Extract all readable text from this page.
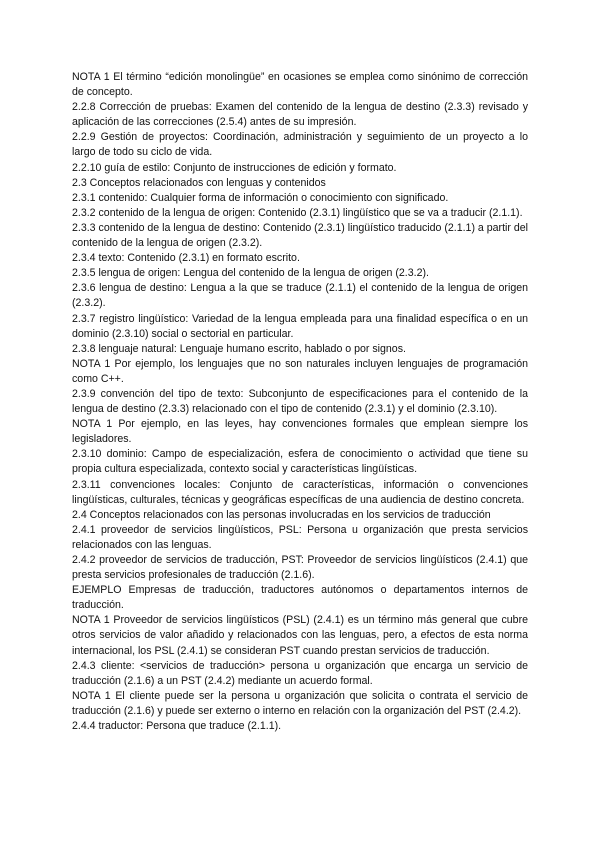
NOTA 1 El término “edición monolingüe” en ocasiones se emplea como sinónimo de corrección de concepto.

2.2.8 Corrección de pruebas: Examen del contenido de la lengua de destino (2.3.3) revisado y aplicación de las correcciones (2.5.4) antes de su impresión.

2.2.9 Gestión de proyectos: Coordinación, administración y seguimiento de un proyecto a lo largo de todo su ciclo de vida.

2.2.10 guía de estilo: Conjunto de instrucciones de edición y formato.

2.3 Conceptos relacionados con lenguas y contenidos

2.3.1 contenido: Cualquier forma de información o conocimiento con significado.

2.3.2 contenido de la lengua de origen: Contenido (2.3.1) lingüístico que se va a traducir (2.1.1).

2.3.3 contenido de la lengua de destino: Contenido (2.3.1) lingüístico traducido (2.1.1) a partir del contenido de la lengua de origen (2.3.2).

2.3.4 texto: Contenido (2.3.1) en formato escrito.

2.3.5 lengua de origen: Lengua del contenido de la lengua de origen (2.3.2).

2.3.6 lengua de destino: Lengua a la que se traduce (2.1.1) el contenido de la lengua de origen (2.3.2).

2.3.7 registro lingüístico: Variedad de la lengua empleada para una finalidad específica o en un dominio (2.3.10) social o sectorial en particular.

2.3.8 lenguaje natural: Lenguaje humano escrito, hablado o por signos.

NOTA 1 Por ejemplo, los lenguajes que no son naturales incluyen lenguajes de programación como C++.

2.3.9 convención del tipo de texto: Subconjunto de especificaciones para el contenido de la lengua de destino (2.3.3) relacionado con el tipo de contenido (2.3.1) y el dominio (2.3.10).

NOTA 1 Por ejemplo, en las leyes, hay convenciones formales que emplean siempre los legisladores.

2.3.10 dominio: Campo de especialización, esfera de conocimiento o actividad que tiene su propia cultura especializada, contexto social y características lingüísticas.

2.3.11 convenciones locales: Conjunto de características, información o convenciones lingüísticas, culturales, técnicas y geográficas específicas de una audiencia de destino concreta.

2.4 Conceptos relacionados con las personas involucradas en los servicios de traducción

2.4.1 proveedor de servicios lingüísticos, PSL: Persona u organización que presta servicios relacionados con las lenguas.

2.4.2 proveedor de servicios de traducción, PST: Proveedor de servicios lingüísticos (2.4.1) que presta servicios profesionales de traducción (2.1.6).

EJEMPLO Empresas de traducción, traductores autónomos o departamentos internos de traducción.

NOTA 1 Proveedor de servicios lingüísticos (PSL) (2.4.1) es un término más general que cubre otros servicios de valor añadido y relacionados con las lenguas, pero, a efectos de esta norma internacional, los PSL (2.4.1) se consideran PST cuando prestan servicios de traducción.

2.4.3 cliente: <servicios de traducción> persona u organización que encarga un servicio de traducción (2.1.6) a un PST (2.4.2) mediante un acuerdo formal.

NOTA 1 El cliente puede ser la persona u organización que solicita o contrata el servicio de traducción (2.1.6) y puede ser externo o interno en relación con la organización del PST (2.4.2).

2.4.4 traductor: Persona que traduce (2.1.1).
